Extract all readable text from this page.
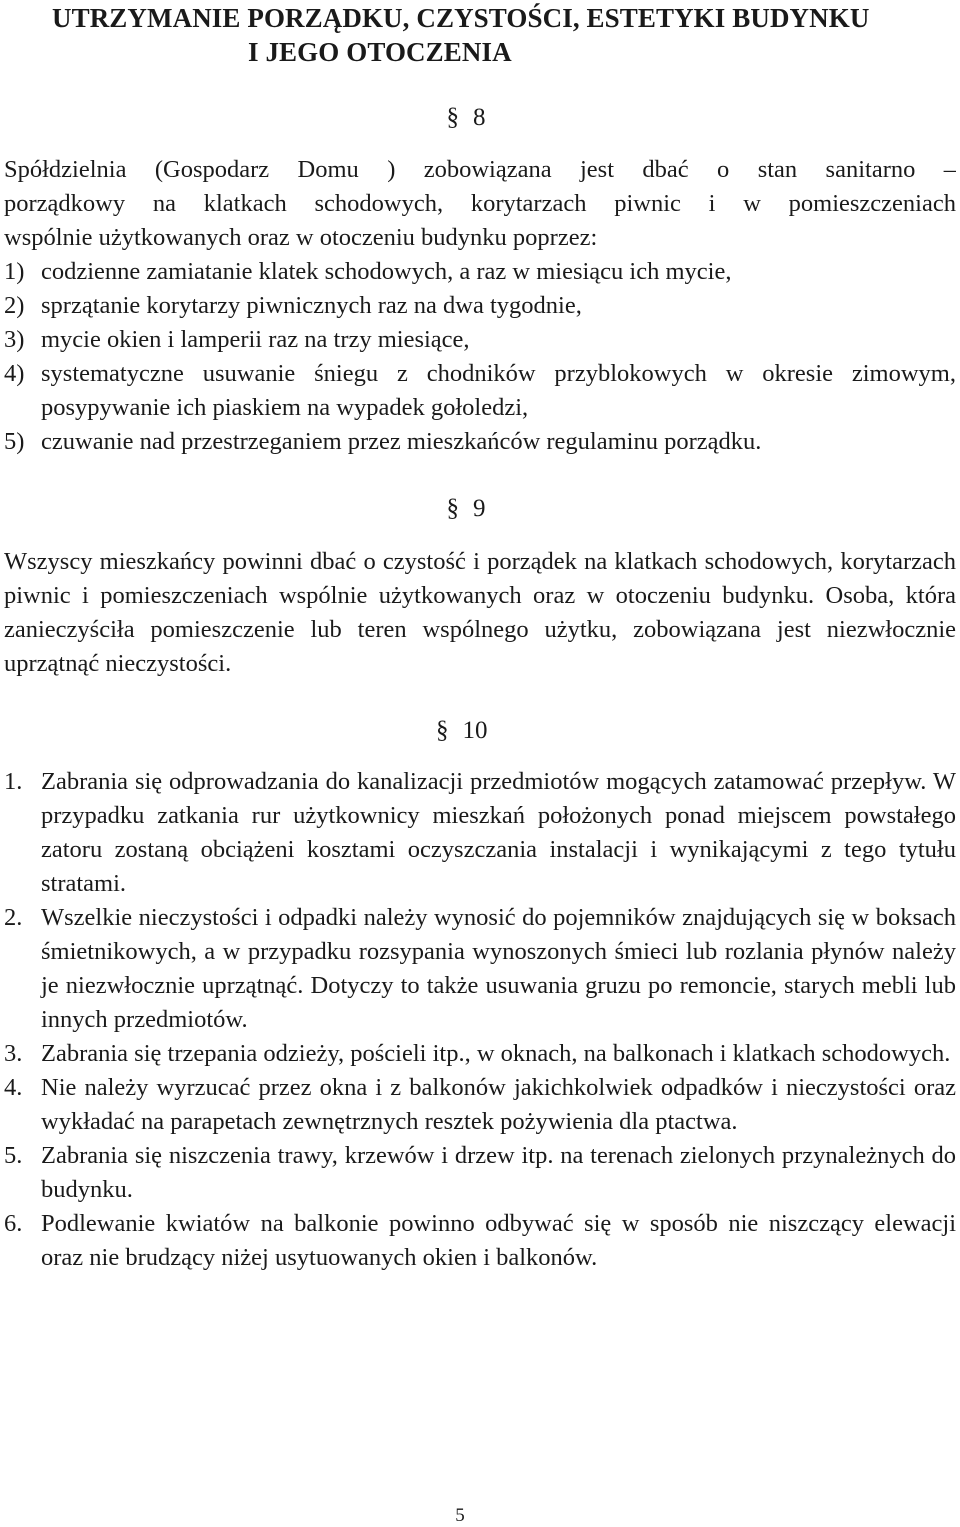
UTRZYMANIE PORZĄDKU, CZYSTOŚCI, ESTETYKI BUDYNKU
I JEGO OTOCZENIA
§ 8
Spółdzielnia (Gospodarz Domu ) zobowiązana jest dbać o stan sanitarno –
porządkowy na klatkach schodowych, korytarzach piwnic i w pomieszczeniach
wspólnie użytkowanych oraz w otoczeniu budynku poprzez:
1) codzienne zamiatanie klatek schodowych, a raz w miesiącu ich mycie,
2) sprzątanie korytarzy piwnicznych raz na dwa tygodnie,
3) mycie okien i lamperii raz na trzy miesiące,
4) systematyczne usuwanie śniegu z chodników przyblokowych w okresie zimowym, posypywanie ich piaskiem na wypadek gołoledzi,
5) czuwanie nad przestrzeganiem przez mieszkańców regulaminu porządku.
§ 9
Wszyscy mieszkańcy powinni dbać o czystość i porządek na klatkach schodowych, korytarzach piwnic i pomieszczeniach wspólnie użytkowanych oraz w otoczeniu budynku. Osoba, która zanieczyściła pomieszczenie lub teren wspólnego użytku, zobowiązana jest niezwłocznie uprzątnąć nieczystości.
§ 10
1. Zabrania się odprowadzania do kanalizacji przedmiotów mogących zatamować przepływ. W przypadku zatkania rur użytkownicy mieszkań położonych ponad miejscem powstałego zatoru zostaną obciążeni kosztami oczyszczania instalacji i wynikającymi z tego tytułu stratami.
2. Wszelkie nieczystości i odpadki należy wynosić do pojemników znajdujących się w boksach śmietnikowych, a w przypadku rozsypania wynoszonych śmieci lub rozlania płynów należy je niezwłocznie uprzątnąć. Dotyczy to także usuwania gruzu po remoncie, starych mebli lub innych przedmiotów.
3. Zabrania się trzepania odzieży, pościeli itp., w oknach, na balkonach i klatkach schodowych.
4. Nie należy wyrzucać przez okna i z balkonów jakichkolwiek odpadków i nieczystości oraz wykładać na parapetach zewnętrznych resztek pożywienia dla ptactwa.
5. Zabrania się niszczenia trawy, krzewów i drzew itp. na terenach zielonych przynależnych do budynku.
6. Podlewanie kwiatów na balkonie powinno odbywać się w sposób nie niszczący elewacji oraz nie brudzący niżej usytuowanych okien i balkonów.
5
